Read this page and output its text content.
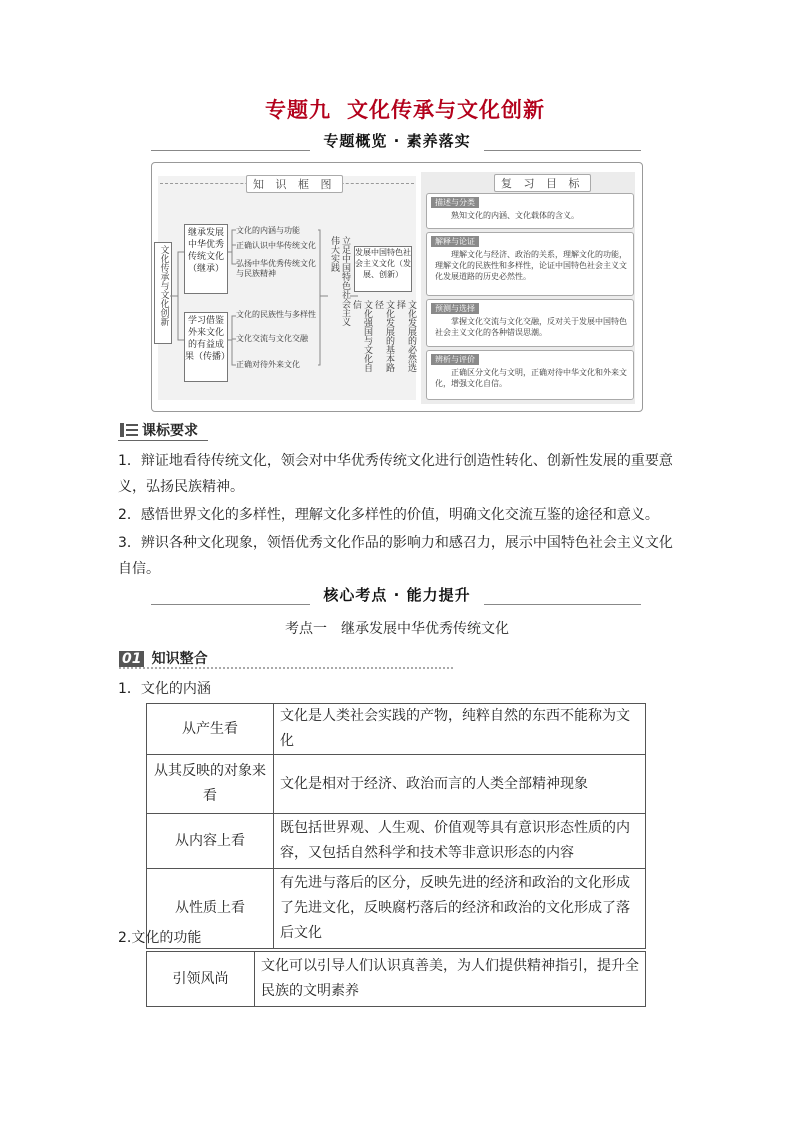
专题九 文化传承与文化创新
专题概览 · 素养落实
知 识 框 图
文化传承与文化创新
继承发展中华优秀传统文化（继承）
学习借鉴外来文化的有益成果（传播）
文化的内涵与功能
正确认识中华传统文化
弘扬中华优秀传统文化与民族精神
文化的民族性与多样性
文化交流与文化交融
正确对待外来文化
立足中国特色社会主义伟大实践	发展中国特色社会主义文化（发展、创新）
文化强国与文化自信	文化发展的基本路径	文化发展的必然选择
复 习 目 标
描述与分类
熟知文化的内涵、文化载体的含义。
解释与论证
理解文化与经济、政治的关系，理解文化的功能，理解文化的民族性和多样性，论证中国特色社会主义文化发展道路的历史必然性。
预测与选择
掌握文化交流与文化交融，反对关于发展中国特色社会主义文化的各种错误思潮。
辨析与评价
正确区分文化与文明，正确对待中华文化和外来文化，增强文化自信。
课标要求
1．辩证地看待传统文化，领会对中华优秀传统文化进行创造性转化、创新性发展的重要意义，弘扬民族精神。
2．感悟世界文化的多样性，理解文化多样性的价值，明确文化交流互鉴的途径和意义。
3．辨识各种文化现象，领悟优秀文化作品的影响力和感召力，展示中国特色社会主义文化自信。
核心考点 · 能力提升
考点一　继承发展中华优秀传统文化
01 知识整合
1．文化的内涵
从产生看	文化是人类社会实践的产物，纯粹自然的东西不能称为文化
从其反映的对象来看	文化是相对于经济、政治而言的人类全部精神现象
从内容上看	既包括世界观、人生观、价值观等具有意识形态性质的内容，又包括自然科学和技术等非意识形态的内容
从性质上看	有先进与落后的区分，反映先进的经济和政治的文化形成了先进文化，反映腐朽落后的经济和政治的文化形成了落后文化
2.文化的功能
引领风尚	文化可以引导人们认识真善美，为人们提供精神指引，提升全民族的文明素养
